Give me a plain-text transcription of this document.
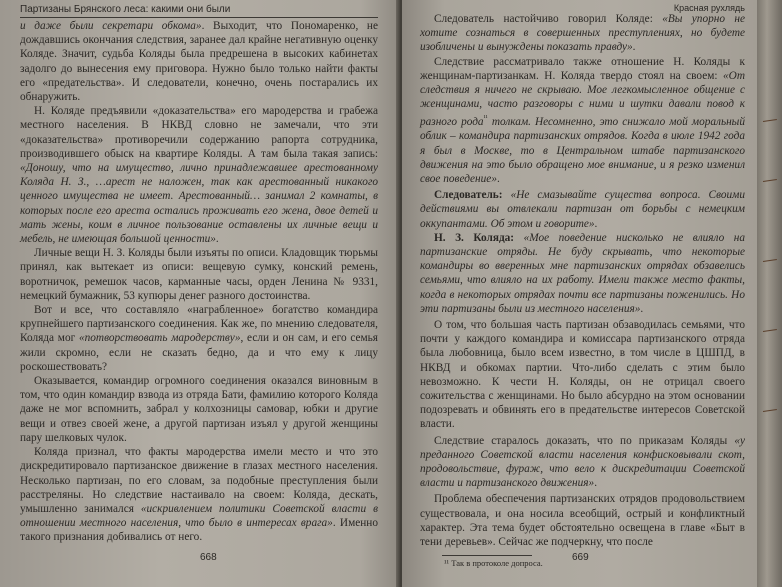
Партизаны Брянского леса: какими они были

и даже были секретари обкома». Выходит, что Пономаренко, не дождавшись окончания следствия, заранее дал крайне негативную оценку Коляде. Значит, судьба Коляды была предрешена в высоких кабинетах задолго до вынесения ему приговора. Нужно было только найти факты его «предательства». И следователи, конечно, очень постарались их обнаружить.

Н. Коляде предъявили «доказательства» его мародерства и грабежа местного населения. В НКВД словно не замечали, что эти «доказательства» противоречили содержанию рапорта сотрудника, производившего обыск на квартире Коляды. А там была такая запись: «Доношу, что на имущество, лично принадлежавшее арестованному Коляда Н. З., …арест не наложен, так как арестованный никакого ценного имущества не имеет. Арестованный… занимал 2 комнаты, в которых после его ареста остались проживать его жена, двое детей и мать жены, коим в личное пользование оставлены их личные вещи и мебель, не имеющая большой ценности».

Личные вещи Н. З. Коляды были изъяты по описи. Кладовщик тюрьмы принял, как вытекает из описи: вещевую сумку, конский ремень, воротничок, ремешок часов, карманные часы, орден Ленина № 9331, немецкий бумажник, 53 купюры денег разного достоинства.

Вот и все, что составляло «награбленное» богатство командира крупнейшего партизанского соединения. Как же, по мнению следователя, Коляда мог «потворствовать мародерству», если и он сам, и его семья жили скромно, если не сказать бедно, да и что ему к лицу роскошествовать?

Оказывается, командир огромного соединения оказался виновным в том, что один командир взвода из отряда Бати, фамилию которого Коляда даже не мог вспомнить, забрал у колхозницы самовар, юбки и другие вещи и отвез своей жене, а другой партизан изъял у другой женщины пару шелковых чулок.

Коляда признал, что факты мародерства имели место и что это дискредитировало партизанское движение в глазах местного населения. Несколько партизан, по его словам, за подобные преступления были расстреляны. Но следствие настаивало на своем: Коляда, дескать, умышленно занимался «искривлением политики Советской власти в отношении местного населения, что было в интересах врага». Именно такого признания добивались от него.

668
Красная рухлядь

Следователь настойчиво говорил Коляде: «Вы упорно не хотите сознаться в совершенных преступлениях, но будете изобличены и вынуждены показать правду».

Следствие рассматривало также отношение Н. Коляды к женщинам-партизанкам. Н. Коляда твердо стоял на своем: «От следствия я ничего не скрываю. Мое легкомысленное общение с женщинами, часто разговоры с ними и шутки давали повод к разного рода$^{^{11}}$ толкам. Несомненно, это снижало мой моральный облик – командира партизанских отрядов. Когда в июле 1942 года я был в Москве, то в Центральном штабе партизанского движения на это было обращено мое внимание, и я резко изменил свое поведение».

Следователь: «Не смазывайте существа вопроса. Своими действиями вы отвлекали партизан от борьбы с немецким оккупантами. Об этом и говорите».

Н. З. Коляда: «Мое поведение нисколько не влияло на партизанские отряды. Не буду скрывать, что некоторые командиры во вверенных мне партизанских отрядах обзавелись семьями, что влияло на их работу. Имели также место факты, когда в некоторых отрядах почти все партизаны поженились. Но эти партизаны были из местного населения».

О том, что большая часть партизан обзаводилась семьями, что почти у каждого командира и комиссара партизанского отряда была любовница, было всем известно, в том числе в ЦШПД, в НКВД и обкомах партии. Что-либо сделать с этим было невозможно. К чести Н. Коляды, он не отрицал своего сожительства с женщинами. Но было абсурдно на этом основании подозревать и обвинять его в предательстве интересов Советской власти.

Следствие старалось доказать, что по приказам Коляды «у преданного Советской власти населения конфисковывали скот, продовольствие, фураж, что вело к дискредитации Советской власти и партизанского движения».

Проблема обеспечения партизанских отрядов продовольствием существовала, и она носила всеобщий, острый и конфликтный характер. Эта тема будет обстоятельно освещена в главе «Быт в тени деревьев». Сейчас же подчеркну, что после

¹¹ Так в протоколе допроса.
669
